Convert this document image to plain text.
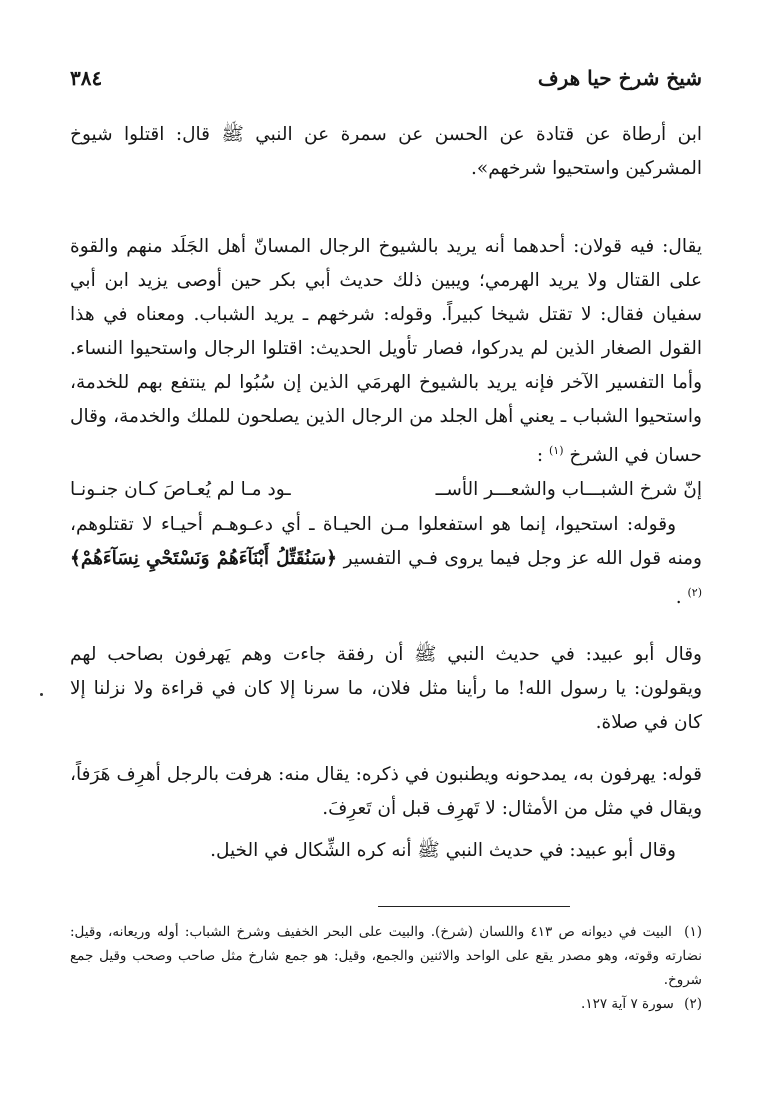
شيخ شرخ حيا هرف
٣٨٤

ابن أرطاة عن قتادة عن الحسن عن سمرة عن النبي ﷺ قال: اقتلوا شيوخ المشركين واستحيوا شرخهم».

يقال: فيه قولان: أحدهما أنه يريد بالشيوخ الرجال المسانّ أهل الجَلَد منهم والقوة على القتال ولا يريد الهرمي؛ ويبين ذلك حديث أبي بكر حين أوصى يزيد ابن أبي سفيان فقال: لا تقتل شيخا كبيراً. وقوله: شرخهم ـ يريد الشباب. ومعناه في هذا القول الصغار الذين لم يدركوا، فصار تأويل الحديث: اقتلوا الرجال واستحيوا النساء. وأما التفسير الآخر فإنه يريد بالشيوخ الهرمَي الذين إن سُبُوا لم ينتفع بهم للخدمة، واستحيوا الشباب ـ يعني أهل الجلد من الرجال الذين يصلحون للملك والخدمة، وقال حسان في الشرخ $^{(١)}$ :

إنّ شرخ الشبـــاب والشعـــر الأســ
ـود مـا لم يُعـاصَ كـان جنـونـا

وقوله: استحيوا، إنما هو استفعلوا مـن الحيـاة ـ أي دعـوهـم أحيـاء لا تقتلوهم، ومنه قول الله عز وجل فيما يروى فـي التفسير ﴿سَنُقَتِّلُ أَبْنَآءَهُمْ وَنَسْتَحْيِ نِسَآءَهُمْ﴾ $^{(٢)}$ .

وقال أبو عبيد: في حديث النبي ﷺ أن رفقة جاءت وهم يَهرفون بصاحب لهم ويقولون: يا رسول الله! ما رأينا مثل فلان، ما سرنا إلا كان في قراءة ولا نزلنا إلا كان في صلاة.

قوله: يهرفون به، يمدحونه ويطنبون في ذكره: يقال منه: هرفت بالرجل أهرِف هَرَفاً، ويقال في مثل من الأمثال: لا تَهرِف قبل أن تَعرِفَ.

وقال أبو عبيد: في حديث النبي ﷺ أنه كره الشِّكال في الخيل.

(١) البيت في ديوانه ص ٤١٣ واللسان (شرخ). والبيت على البحر الخفيف وشرخ الشباب: أوله وريعانه، وقيل: نضارته وقوته، وهو مصدر يقع على الواحد والاثنين والجمع، وقيل: هو جمع شارخ مثل صاحب وصحب وقيل جمع شروخ.

(٢) سورة ٧ آية ١٢٧.
